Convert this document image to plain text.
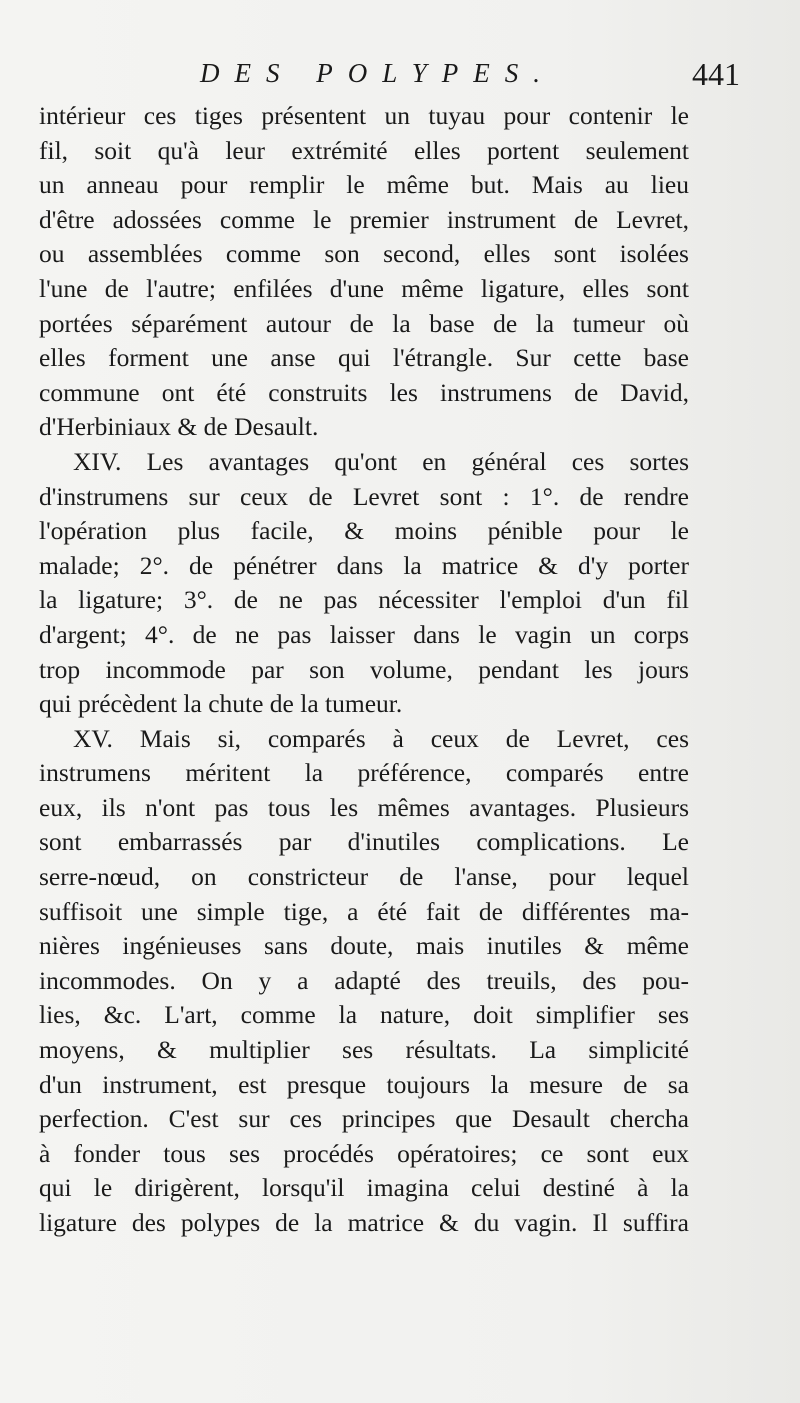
DES POLYPES.	441
intérieur ces tiges présentent un tuyau pour contenir le
fil, soit qu'à leur extrémité elles portent seulement
un anneau pour remplir le même but. Mais au lieu
d'être adossées comme le premier instrument de Levret,
ou assemblées comme son second, elles sont isolées
l'une de l'autre; enfilées d'une même ligature, elles sont
portées séparément autour de la base de la tumeur où
elles forment une anse qui l'étrangle. Sur cette base
commune ont été construits les instrumens de David,
d'Herbiniaux & de Desault.
XIV. Les avantages qu'ont en général ces sortes
d'instrumens sur ceux de Levret sont : 1°. de rendre
l'opération plus facile, & moins pénible pour le
malade; 2°. de pénétrer dans la matrice & d'y porter
la ligature; 3°. de ne pas nécessiter l'emploi d'un fil
d'argent; 4°. de ne pas laisser dans le vagin un corps
trop incommode par son volume, pendant les jours
qui précèdent la chute de la tumeur.
XV. Mais si, comparés à ceux de Levret, ces
instrumens méritent la préférence, comparés entre
eux, ils n'ont pas tous les mêmes avantages. Plusieurs
sont embarrassés par d'inutiles complications. Le
serre-nœud, on constricteur de l'anse, pour lequel
suffisoit une simple tige, a été fait de différentes ma-
nières ingénieuses sans doute, mais inutiles & même
incommodes. On y a adapté des treuils, des pou-
lies, &c. L'art, comme la nature, doit simplifier ses
moyens, & multiplier ses résultats. La simplicité
d'un instrument, est presque toujours la mesure de sa
perfection. C'est sur ces principes que Desault chercha
à fonder tous ses procédés opératoires; ce sont eux
qui le dirigèrent, lorsqu'il imagina celui destiné à la
ligature des polypes de la matrice & du vagin. Il suffira
